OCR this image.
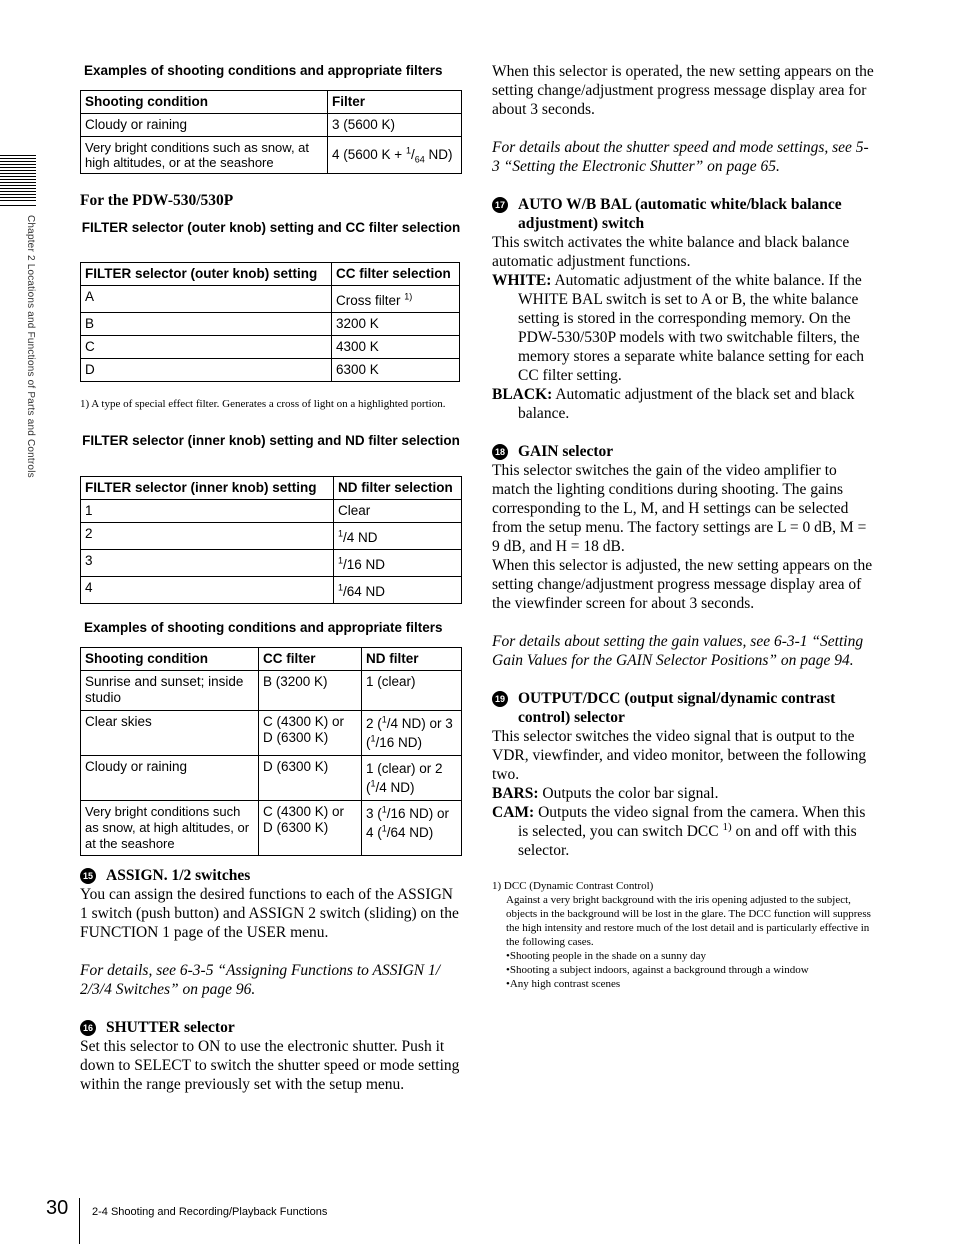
Chapter 2 Locations and Functions of Parts and Controls
Examples of shooting conditions and appropriate filters
Shooting condition	Filter
Cloudy or raining	3 (5600 K)
Very bright conditions such as snow, at high altitudes, or at the seashore	4 (5600 $K + ^1/_{64}$ ND)
For the PDW-530/530P
FILTER selector (outer knob) setting and CC filter selection
FILTER selector (outer knob) setting	CC filter selection
A	Cross filter $^{1)}$
B	3200 K
C	4300 K
D	6300 K
1) A type of special effect filter. Generates a cross of light on a highlighted portion.
FILTER selector (inner knob) setting and ND filter selection
FILTER selector (inner knob) setting	ND filter selection
1	Clear
2	$^1$/4 ND
3	$^1$/16 ND
4	$^1$/64 ND
Examples of shooting conditions and appropriate filters
Shooting condition	CC filter	ND filter
Sunrise and sunset; inside studio	B (3200 K)	1 (clear)
Clear skies	C (4300 K) or D (6300 K)	2 ($^1$/4 ND) or 3 ($^1$/16 ND)
Cloudy or raining	D (6300 K)	1 (clear) or 2 ($^1$/4 ND)
Very bright conditions such as snow, at high altitudes, or at the seashore	C (4300 K) or D (6300 K)	3 ($^1$/16 ND) or 4 ($^1$/64 ND)
15 ASSIGN. 1/2 switches
You can assign the desired functions to each of the ASSIGN 1 switch (push button) and ASSIGN 2 switch (sliding) on the FUNCTION 1 page of the USER menu.
For details, see 6-3-5 “Assigning Functions to ASSIGN 1/ 2/3/4 Switches” on page 96.
16 SHUTTER selector
Set this selector to ON to use the electronic shutter. Push it down to SELECT to switch the shutter speed or mode setting within the range previously set with the setup menu.
When this selector is operated, the new setting appears on the setting change/adjustment progress message display area for about 3 seconds.
For details about the shutter speed and mode settings, see 5-3 “Setting the Electronic Shutter” on page 65.
17 AUTO W/B BAL (automatic white/black balance adjustment) switch
This switch activates the white balance and black balance automatic adjustment functions.
WHITE: Automatic adjustment of the white balance. If the WHITE BAL switch is set to A or B, the white balance setting is stored in the corresponding memory. On the PDW-530/530P models with two switchable filters, the memory stores a separate white balance setting for each CC filter setting.
BLACK: Automatic adjustment of the black set and black balance.
18 GAIN selector
This selector switches the gain of the video amplifier to match the lighting conditions during shooting. The gains corresponding to the L, M, and H settings can be selected from the setup menu. The factory settings are L = 0 dB, M = 9 dB, and H = 18 dB.
When this selector is adjusted, the new setting appears on the setting change/adjustment progress message display area of the viewfinder screen for about 3 seconds.
For details about setting the gain values, see 6-3-1 “Setting Gain Values for the GAIN Selector Positions” on page 94.
19 OUTPUT/DCC (output signal/dynamic contrast control) selector
This selector switches the video signal that is output to the VDR, viewfinder, and video monitor, between the following two.
BARS: Outputs the color bar signal.
CAM: Outputs the video signal from the camera. When this is selected, you can switch DCC $^{1)}$ on and off with this selector.
1) DCC (Dynamic Contrast Control)
Against a very bright background with the iris opening adjusted to the subject, objects in the background will be lost in the glare. The DCC function will suppress the high intensity and restore much of the lost detail and is particularly effective in the following cases.
•Shooting people in the shade on a sunny day
•Shooting a subject indoors, against a background through a window
•Any high contrast scenes
30 2-4 Shooting and Recording/Playback Functions
